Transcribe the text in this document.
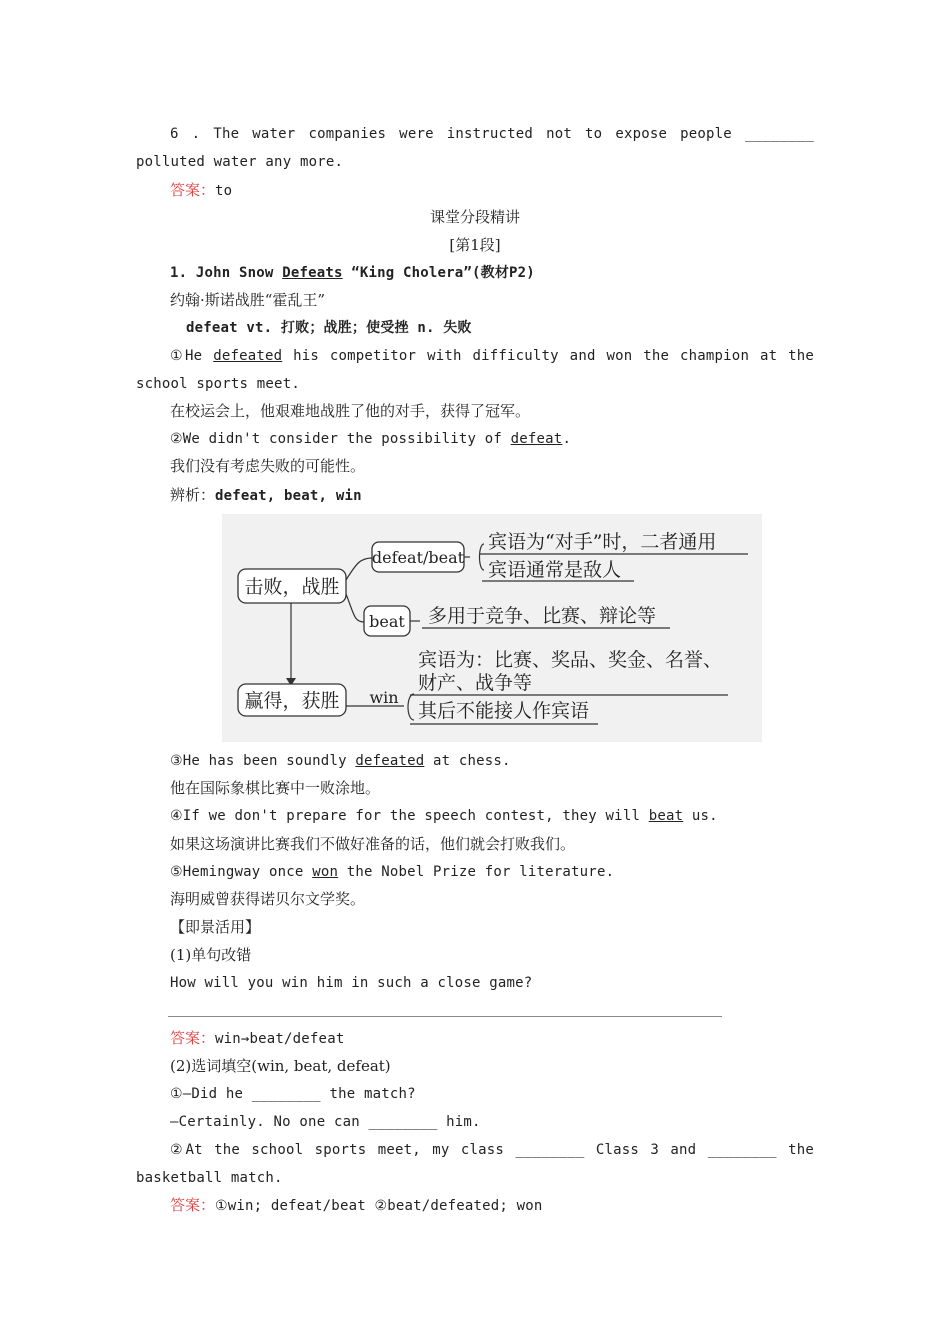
6 . The water companies were instructed not to expose people ________
polluted water any more.
答案：to
课堂分段精讲
[第1段]
1. John Snow Defeats “King Cholera”(教材P2)
约翰·斯诺战胜“霍乱王”
defeat vt. 打败；战胜；使受挫 n. 失败
①He defeated his competitor with difficulty and won the champion at the
school sports meet.
在校运会上，他艰难地战胜了他的对手，获得了冠军。
②We didn't consider the possibility of defeat.
我们没有考虑失败的可能性。
辨析：defeat, beat, win
击败，战胜
defeat/beat
宾语为“对手”时，二者通用
宾语通常是敌人
beat 多用于竞争、比赛、辩论等
赢得，获胜 win
宾语为：比赛、奖品、奖金、名誉、
财产、战争等
其后不能接人作宾语
③He has been soundly defeated at chess.
他在国际象棋比赛中一败涂地。
④If we don't prepare for the speech contest, they will beat us.
如果这场演讲比赛我们不做好准备的话，他们就会打败我们。
⑤Hemingway once won the Nobel Prize for literature.
海明威曾获得诺贝尔文学奖。
【即景活用】
(1)单句改错
How will you win him in such a close game?
答案：win→beat/defeat
(2)选词填空(win, beat, defeat)
①—Did he ________ the match?
—Certainly. No one can ________ him.
②At the school sports meet, my class ________ Class 3 and ________ the
basketball match.
答案：①win; defeat/beat ②beat/defeated; won
